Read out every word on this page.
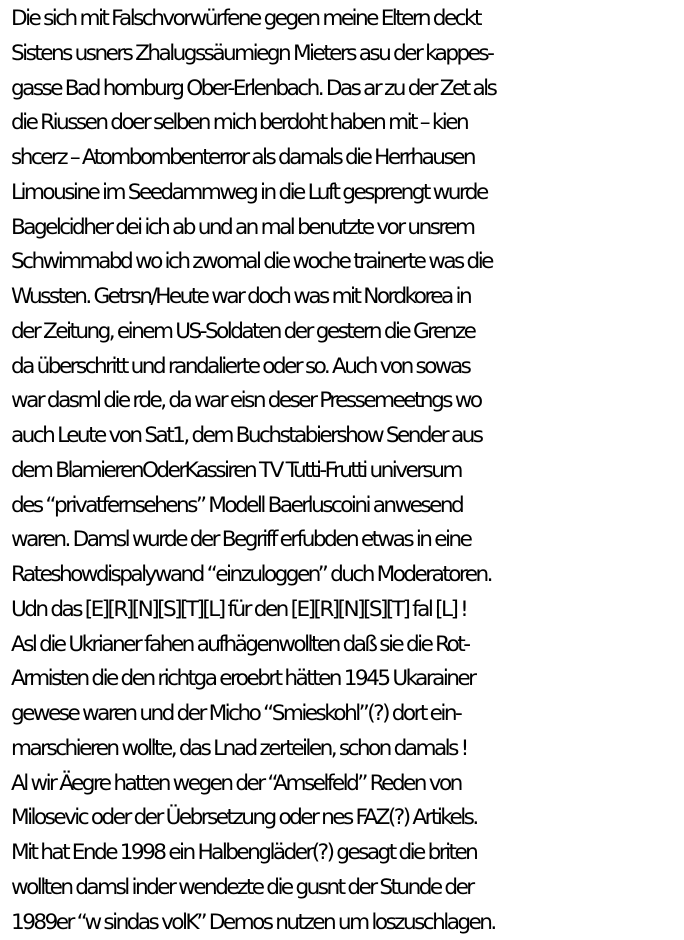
Die sich mit Falschvorwürfene gegen meine Eltern deckt
Sistens usners Zhalugssäumiegn Mieters asu der kappes-
gasse Bad homburg Ober-Erlenbach. Das ar zu der Zet als
die Riussen doer selben mich berdoht haben mit – kien
shcerz – Atombombenterror als damals die Herrhausen
Limousine im Seedammweg in die Luft gesprengt wurde
Bagelcidher dei ich ab und an mal benutzte vor unsrem
Schwimmabd wo ich zwomal die woche trainerte was die
Wussten. Getrsn/Heute war doch was mit Nordkorea in
der Zeitung, einem US-Soldaten der gestern die Grenze
da überschritt und randalierte oder so. Auch von sowas
war dasml die rde, da war eisn deser Pressemeetngs wo
auch Leute von Sat1, dem Buchstabiershow Sender aus
dem BlamierenOderKassiren TV Tutti-Frutti universum
des “privatfernsehens” Modell Baerluscoini anwesend
waren. Damsl wurde der Begriff erfubden etwas in eine
Rateshowdispalywand “einzuloggen” duch Moderatoren.
Udn das [E][R][N][S][T][L] für den [E][R][N][S][T] fal [L] !
Asl die Ukrianer fahen aufhägenwollten daß sie die Rot-
Armisten die den richtga eroebrt hätten 1945 Ukarainer
gewese waren und der Micho “Smieskohl”(?) dort ein-
marschieren wollte, das Lnad zerteilen, schon damals !
Al wir Äegre hatten wegen der “Amselfeld” Reden von
Milosevic oder der Üebrsetzung oder nes FAZ(?) Artikels.
Mit hat Ende 1998 ein Halbengläder(?) gesagt die briten
wollten damsl inder wendezte die gusnt der Stunde der
1989er “w sindas volK” Demos nutzen um loszuschlagen.
